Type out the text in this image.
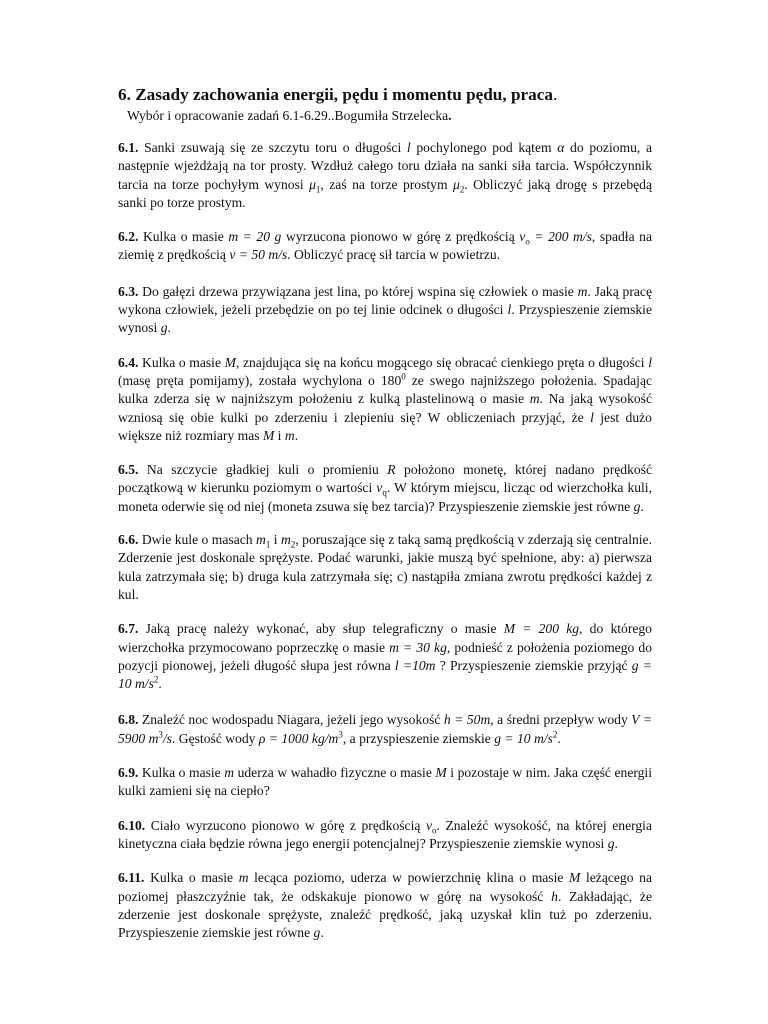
6. Zasady zachowania energii, pędu i momentu pędu, praca.
Wybór i opracowanie zadań 6.1-6.29..Bogumiła Strzelecka.

6.1. Sanki zsuwają się ze szczytu toru o długości l pochylonego pod kątem α do poziomu, a następnie wjeżdżają na tor prosty. Wzdłuż całego toru działa na sanki siła tarcia. Współczynnik tarcia na torze pochyłym wynosi $\mu_1$, zaś na torze prostym $\mu_2$. Obliczyć jaką drogę s przebędą sanki po torze prostym.

6.2. Kulka o masie m = 20 g wyrzucona pionowo w górę z prędkością $v_o = 200$ m/s, spadła na ziemię z prędkością v = 50 m/s. Obliczyć pracę sił tarcia w powietrzu.

6.3. Do gałęzi drzewa przywiązana jest lina, po której wspina się człowiek o masie m. Jaką pracę wykona człowiek, jeżeli przebędzie on po tej linie odcinek o długości l. Przyspieszenie ziemskie wynosi g.

6.4. Kulka o masie M, znajdująca się na końcu mogącego się obracać cienkiego pręta o długości l (masę pręta pomijamy), została wychylona o $180^0$ ze swego najniższego położenia. Spadając kulka zderza się w najniższym położeniu z kulką plastelinową o masie m. Na jaką wysokość wzniosą się obie kulki po zderzeniu i zlepieniu się? W obliczeniach przyjąć, że l jest dużo większe niż rozmiary mas M i m.

6.5. Na szczycie gładkiej kuli o promieniu R położono monetę, której nadano prędkość początkową w kierunku poziomym o wartości $v_q$. W którym miejscu, licząc od wierzchołka kuli, moneta oderwie się od niej (moneta zsuwa się bez tarcia)? Przyspieszenie ziemskie jest równe g.

6.6. Dwie kule o masach $m_1$ i $m_2$, poruszające się z taką samą prędkością v zderzają się centralnie. Zderzenie jest doskonale sprężyste. Podać warunki, jakie muszą być spełnione, aby: a) pierwsza kula zatrzymała się; b) druga kula zatrzymała się; c) nastąpiła zmiana zwrotu prędkości każdej z kul.

6.7. Jaką pracę należy wykonać, aby słup telegraficzny o masie M = 200 kg, do którego wierzchołka przymocowano poprzeczkę o masie m = 30 kg, podnieść z położenia poziomego do pozycji pionowej, jeżeli długość słupa jest równa l =10m ? Przyspieszenie ziemskie przyjąć g = 10 $m/s^2$.

6.8. Znaleźć noc wodospadu Niagara, jeżeli jego wysokość h = 50m, a średni przepływ wody V = 5900 $m^3/s$. Gęstość wody ρ = 1000 $kg/m^3$, a przyspieszenie ziemskie g = 10 $m/s^2$.

6.9. Kulka o masie m uderza w wahadło fizyczne o masie M i pozostaje w nim. Jaka część energii kulki zamieni się na ciepło?

6.10. Ciało wyrzucono pionowo w górę z prędkością $v_o$. Znaleźć wysokość, na której energia kinetyczna ciała będzie równa jego energii potencjalnej? Przyspieszenie ziemskie wynosi g.

6.11. Kulka o masie m lecąca poziomo, uderza w powierzchnię klina o masie M leżącego na poziomej płaszczyźnie tak, że odskakuje pionowo w górę na wysokość h. Zakładając, że zderzenie jest doskonale sprężyste, znaleźć prędkość, jaką uzyskał klin tuż po zderzeniu. Przyspieszenie ziemskie jest równe g.
